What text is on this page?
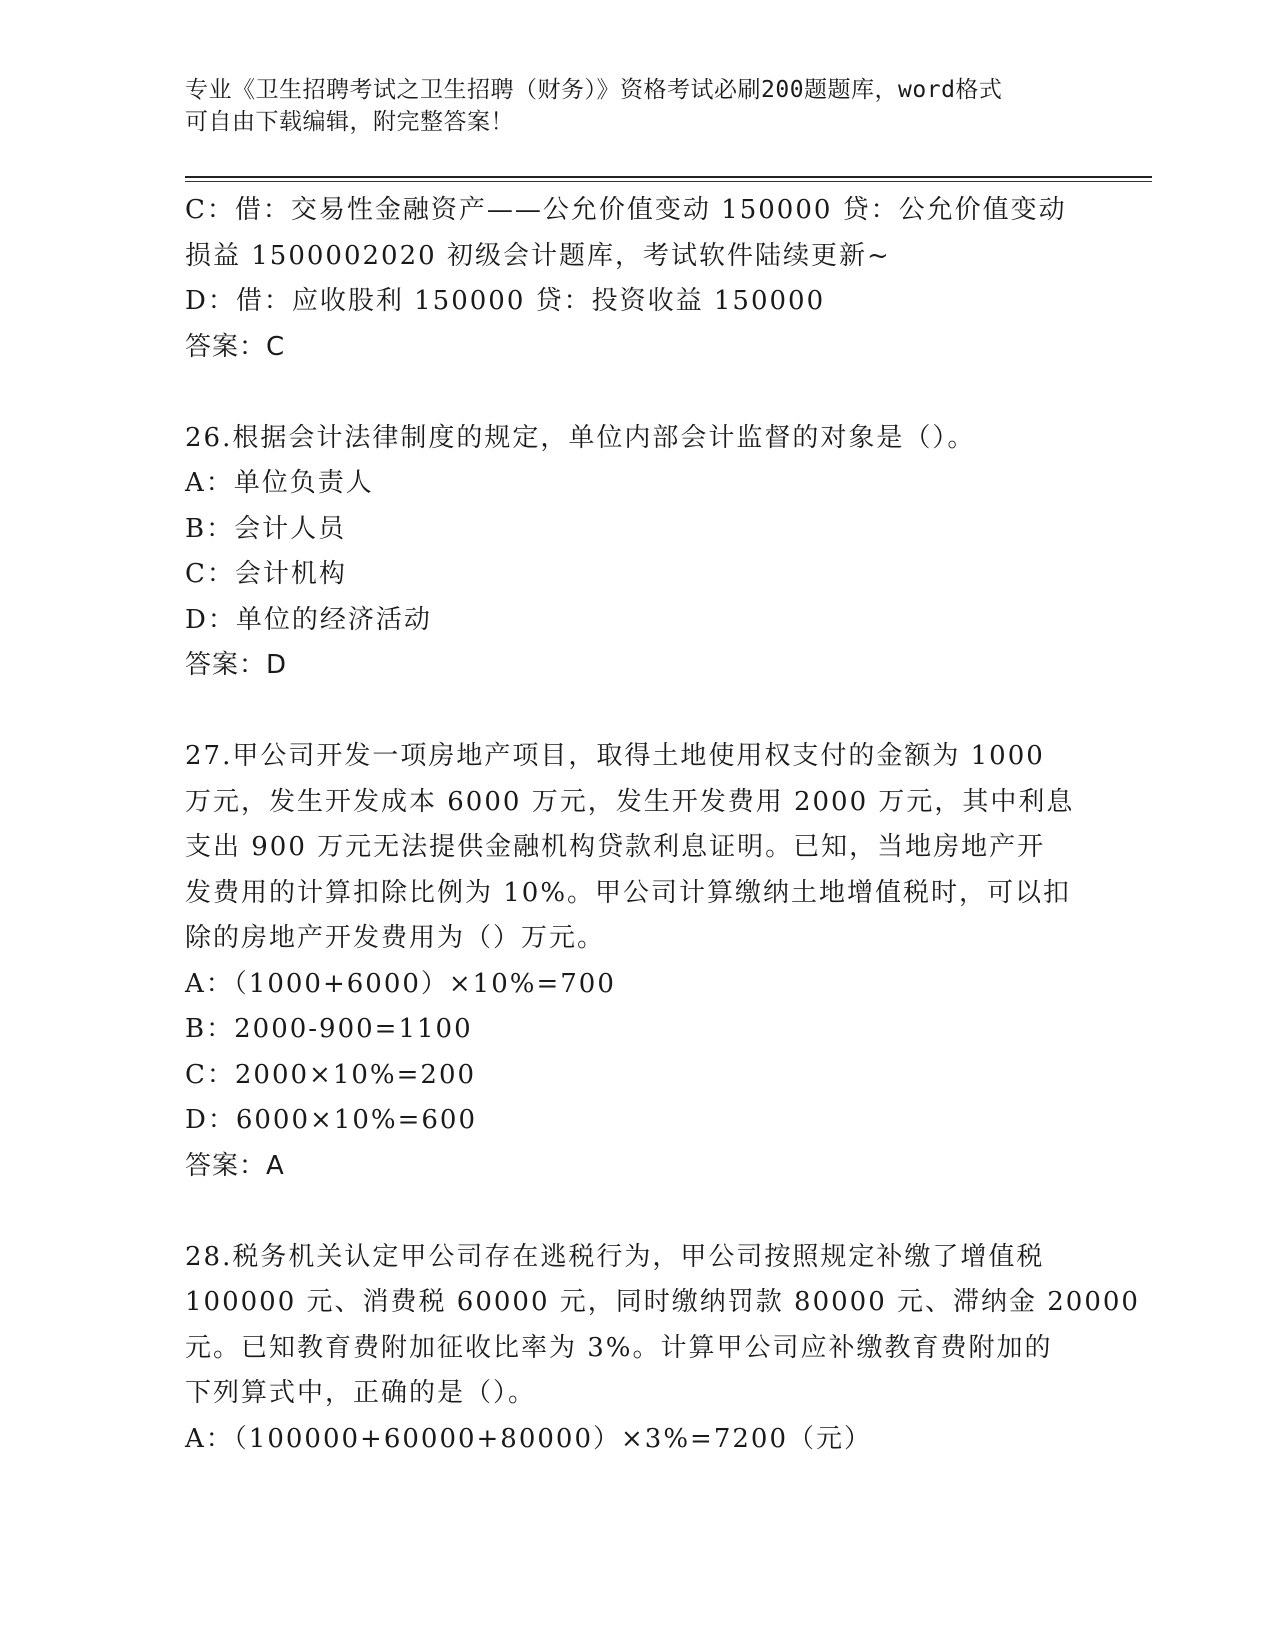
专业《卫生招聘考试之卫生招聘（财务）》资格考试必刷200题题库，word格式
可自由下载编辑，附完整答案！
C：借：交易性金融资产——公允价值变动 150000 贷：公允价值变动
损益 1500002020 初级会计题库，考试软件陆续更新~
D：借：应收股利 150000 贷：投资收益 150000
答案：C
26.根据会计法律制度的规定，单位内部会计监督的对象是（）。
A：单位负责人
B：会计人员
C：会计机构
D：单位的经济活动
答案：D
27.甲公司开发一项房地产项目，取得土地使用权支付的金额为 1000
万元，发生开发成本 6000 万元，发生开发费用 2000 万元，其中利息
支出 900 万元无法提供金融机构贷款利息证明。已知，当地房地产开
发费用的计算扣除比例为 10%。甲公司计算缴纳土地增值税时，可以扣
除的房地产开发费用为（）万元。
A：（1000+6000）×10%=700
B：2000-900=1100
C：2000×10%=200
D：6000×10%=600
答案：A
28.税务机关认定甲公司存在逃税行为，甲公司按照规定补缴了增值税
100000 元、消费税 60000 元，同时缴纳罚款 80000 元、滞纳金 20000
元。已知教育费附加征收比率为 3%。计算甲公司应补缴教育费附加的
下列算式中，正确的是（）。
A：（100000+60000+80000）×3%=7200（元）
